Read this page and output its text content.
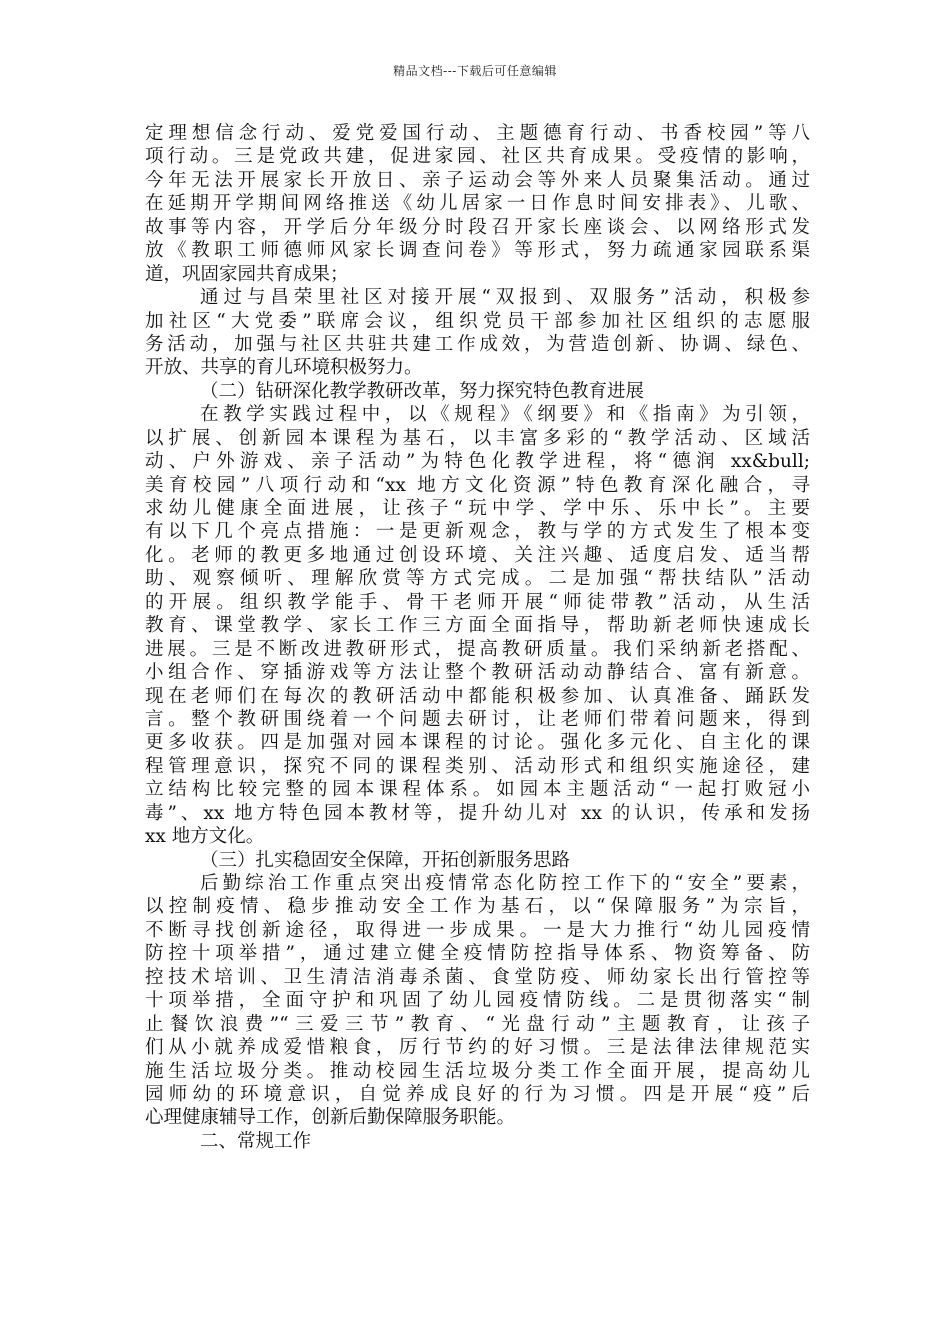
精品文档---下载后可任意编辑
定理想信念行动、爱党爱国行动、主题德育行动、书香校园”等八
项行动。三是党政共建，促进家园、社区共育成果。受疫情的影响，
今年无法开展家长开放日、亲子运动会等外来人员聚集活动。通过
在延期开学期间网络推送《幼儿居家一日作息时间安排表》、儿歌、
故事等内容，开学后分年级分时段召开家长座谈会、以网络形式发
放《教职工师德师风家长调查问卷》等形式，努力疏通家园联系渠
道，巩固家园共育成果；
通过与昌荣里社区对接开展“双报到、双服务”活动，积极参
加社区“大党委”联席会议，组织党员干部参加社区组织的志愿服
务活动，加强与社区共驻共建工作成效，为营造创新、协调、绿色、
开放、共享的育儿环境积极努力。
（二）钻研深化教学教研改革，努力探究特色教育进展
在教学实践过程中，以《规程》《纲要》和《指南》为引领，
以扩展、创新园本课程为基石，以丰富多彩的“教学活动、区域活
动、户外游戏、亲子活动”为特色化教学进程，将“德润 xx&bull;
美育校园”八项行动和“xx 地方文化资源”特色教育深化融合，寻
求幼儿健康全面进展，让孩子“玩中学、学中乐、乐中长”。主要
有以下几个亮点措施：一是更新观念，教与学的方式发生了根本变
化。老师的教更多地通过创设环境、关注兴趣、适度启发、适当帮
助、观察倾听、理解欣赏等方式完成。二是加强“帮扶结队”活动
的开展。组织教学能手、骨干老师开展“师徒带教”活动，从生活
教育、课堂教学、家长工作三方面全面指导，帮助新老师快速成长
进展。三是不断改进教研形式，提高教研质量。我们采纳新老搭配、
小组合作、穿插游戏等方法让整个教研活动动静结合、富有新意。
现在老师们在每次的教研活动中都能积极参加、认真准备、踊跃发
言。整个教研围绕着一个问题去研讨，让老师们带着问题来，得到
更多收获。四是加强对园本课程的讨论。强化多元化、自主化的课
程管理意识，探究不同的课程类别、活动形式和组织实施途径，建
立结构比较完整的园本课程体系。如园本主题活动“一起打败冠小
毒”、xx 地方特色园本教材等，提升幼儿对 xx 的认识，传承和发扬
xx 地方文化。
（三）扎实稳固安全保障，开拓创新服务思路
后勤综治工作重点突出疫情常态化防控工作下的“安全”要素，
以控制疫情、稳步推动安全工作为基石，以“保障服务”为宗旨，
不断寻找创新途径，取得进一步成果。一是大力推行“幼儿园疫情
防控十项举措”，通过建立健全疫情防控指导体系、物资筹备、防
控技术培训、卫生清洁消毒杀菌、食堂防疫、师幼家长出行管控等
十项举措，全面守护和巩固了幼儿园疫情防线。二是贯彻落实“制
止餐饮浪费”“三爱三节”教育、“光盘行动”主题教育，让孩子
们从小就养成爱惜粮食，厉行节约的好习惯。三是法律法律规范实
施生活垃圾分类。推动校园生活垃圾分类工作全面开展，提高幼儿
园师幼的环境意识，自觉养成良好的行为习惯。四是开展“疫”后
心理健康辅导工作，创新后勤保障服务职能。
二、常规工作
